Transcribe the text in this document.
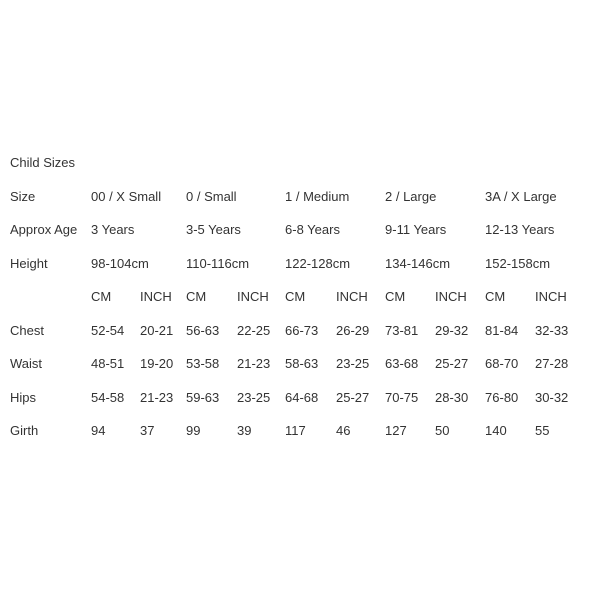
Child Sizes
Size	00 / X Small		0 / Small		1 / Medium		2 / Large		3A / X Large	
Approx Age	3 Years		3-5 Years		6-8 Years		9-11 Years		12-13 Years	
Height	98-104cm		110-116cm		122-128cm		134-146cm		152-158cm	
	CM	INCH	CM	INCH	CM	INCH	CM	INCH	CM	INCH
Chest	52-54	20-21	56-63	22-25	66-73	26-29	73-81	29-32	81-84	32-33
Waist	48-51	19-20	53-58	21-23	58-63	23-25	63-68	25-27	68-70	27-28
Hips	54-58	21-23	59-63	23-25	64-68	25-27	70-75	28-30	76-80	30-32
Girth	94	37	99	39	117	46	127	50	140	55
